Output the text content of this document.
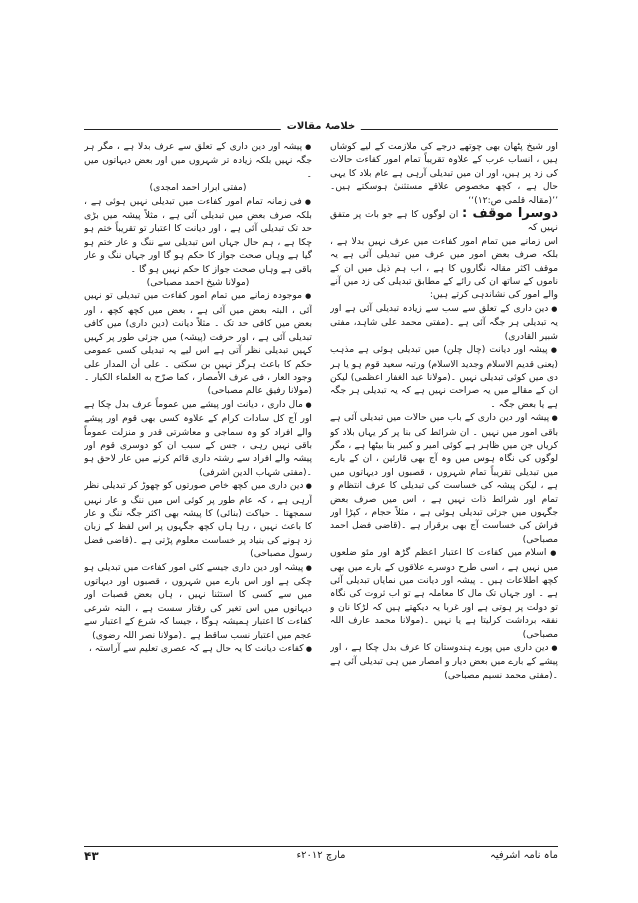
خلاصۂ مقالات

اور شیخ پٹھان بھی چوتھے درجے کی ملازمت کے لیے کوشاں ہیں ، انساب عرب کے علاوہ تقریباً تمام امور کفاءت حالات کی زد پر ہیں، اور ان میں تبدیلی آرہی ہے عام بلاد کا یہی حال ہے ، کچھ مخصوص علاقے مستثنیٰ ہوسکتے ہیں۔ ’’(مقالہ قلمی ص:۱۲)‘‘

دوسرا موقف : ان لوگوں کا ہے جو بات پر متفق نہیں کہ

اس زمانے میں تمام امور کفاءت میں عرف نہیں بدلا ہے ، بلکہ صرف بعض امور میں عرف میں تبدیلی آئی ہے یہ موقف اکثر مقالہ نگاروں کا ہے ، اب ہم ذیل میں ان کے ناموں کے ساتھ ان کی رائے کے مطابق تبدیلی کی زد میں آنے والے امور کی نشاندہی کرتے ہیں:

● دین داری کے تعلق سے سب سے زیادہ تبدیلی آئی ہے اور یہ تبدیلی ہر جگہ آئی ہے ۔(مفتی محمد علی شاہد، مفتی شبیر القادری)

● پیشہ اور دیانت (چال چلن) میں تبدیلی ہوئی ہے مذہب (یعنی قدیم الاسلام وجدید الاسلام) ورتبہ سعید قوم ہو یا ہر دی میں کوئی تبدیلی نہیں ۔(مولانا عبد الغفار اعظمی) لیکن ان کے مقالے میں یہ صراحت نہیں ہے کہ یہ تبدیلی ہر جگہ ہے یا بعض جگہ ۔

● پیشہ اور دین داری کے باب میں حالات میں تبدیلی آئی ہے باقی امور میں نہیں ۔ ان شرائط کی بنا پر کر یہاں بلاد کو کریاں جن میں ظاہر ہے کوئی امیر و کبیر بنا بیٹھا ہے ، مگر لوگوں کی نگاہ ہوس میں وہ آج بھی قارئین ، ان کے بارے میں تبدیلی تقریباً تمام شہروں ، قصبوں اور دیہاتوں میں ہے ، لیکن پیشہ کی خساست کی تبدیلی کا عرف انتظام و تمام اور شرائط ذات نہیں ہے ، اس میں صرف بعض جگہوں میں جزئی تبدیلی ہوئی ہے ، مثلاً حجام ، کپڑا اور فراش کی خساست آج بھی برقرار ہے ۔(قاضی فضل احمد مصباحی)

● اسلام میں کفاءت کا اعتبار اعظم گڑھ اور مئو ضلعوں میں نہیں ہے ، اسی طرح دوسرے علاقوں کے بارے میں بھی کچھ اطلاعات ہیں ۔ پیشہ اور دیانت میں نمایاں تبدیلی آئی ہے ۔ اور جہاں تک مال کا معاملہ ہے تو اب ثروت کی نگاہ تو دولت پر ہوتی ہے اور غربا یہ دیکھتے ہیں کہ لڑکا نان و نفقہ برداشت کرلیتا ہے یا نہیں ۔(مولانا محمد عارف اللہ مصباحی)

● دین داری میں پورے ہندوستان کا عرف بدل چکا ہے ، اور پیشے کے بارے میں بعض دیار و امصار میں ہی تبدیلی آئی ہے ۔(مفتی محمد نسیم مصباحی)

● پیشہ اور دین داری کے تعلق سے عرف بدلا ہے ، مگر ہر جگہ نہیں بلکہ زیادہ تر شہروں میں اور بعض دیہاتوں میں ۔

(مفتی ابرار احمد امجدی)

● فی زمانہ تمام امور کفاءت میں تبدیلی نہیں ہوئی ہے ، بلکہ صرف بعض میں تبدیلی آئی ہے ، مثلاً پیشہ میں بڑی حد تک تبدیلی آئی ہے ، اور دیانت کا اعتبار تو تقریباً ختم ہو چکا ہے ، ہم حال جہاں اس تبدیلی سے ننگ و عار ختم ہو گیا ہے وہاں صحت جواز کا حکم ہو گا اور جہاں ننگ و عار باقی ہے وہاں صحت جواز کا حکم نہیں ہو گا ۔

(مولانا شیخ احمد مصباحی)

● موجودہ زمانے میں تمام امور کفاءت میں تبدیلی تو نہیں آئی ، البتہ بعض میں آئی ہے ، بعض میں کچھ کچھ ، اور بعض میں کافی حد تک ۔ مثلاً دیانت (دین داری) میں کافی تبدیلی آئی ہے ، اور حرفت (پیشہ) میں جزئی طور پر کہیں کہیں تبدیلی نظر آتی ہے اس لیے یہ تبدیلی کسی عمومی حکم کا باعث ہرگز نہیں بن سکتی ۔ علی أن المدار علی وجود العار ، فی عرف الأمصار ، کما صرّح به العلماء الکبار ۔(مولانا رفیق عالم مصباحی)

● مال داری ، دیانت اور پیشے میں عموماً عرف بدل چکا ہے اور آج کل سادات کرام کے علاوہ کسی بھی قوم اور پیشے والے افراد کو وہ سماجی و معاشرتی قدر و منزلت عموماً باقی نہیں رہی ، جس کے سبب ان کو دوسری قوم اور پیشہ والے افراد سے رشتہ داری قائم کرنے میں عار لاحق ہو ۔(مفتی شہاب الدین اشرفی)

● دین داری میں کچھ خاص صورتوں کو چھوڑ کر تبدیلی نظر آرہی ہے ، کہ عام طور پر کوئی اس میں ننگ و عار نہیں سمجھتا ۔ حیاکت (بنائی) کا پیشہ بھی اکثر جگہ ننگ و عار کا باعث نہیں ، رہا ہاں کچھ جگہوں پر اس لفظ کے زبان زد ہونے کی بنیاد پر خساست معلوم پڑتی ہے ۔(قاضی فضل رسول مصباحی)

● پیشہ اور دین داری جیسے کئی امور کفاءت میں تبدیلی ہو چکی ہے اور اس بارے میں شہروں ، قصبوں اور دیہاتوں میں سے کسی کا استثنا نہیں ، ہاں بعض قصبات اور دیہاتوں میں اس تغیر کی رفتار سست ہے ، البتہ شرعی کفاءت کا اعتبار ہمیشہ ہوگا ، جیسا کہ شرع کے اعتبار سے عجم میں اعتبار نسب ساقط ہے ۔(مولانا نصر اللہ رضوی)

● کفاءت دیانت کا یہ حال ہے کہ عصری تعلیم سے آراستہ ،

ماہ نامہ اشرفیہ
مارچ ۲۰۱۲ء
۴۳
